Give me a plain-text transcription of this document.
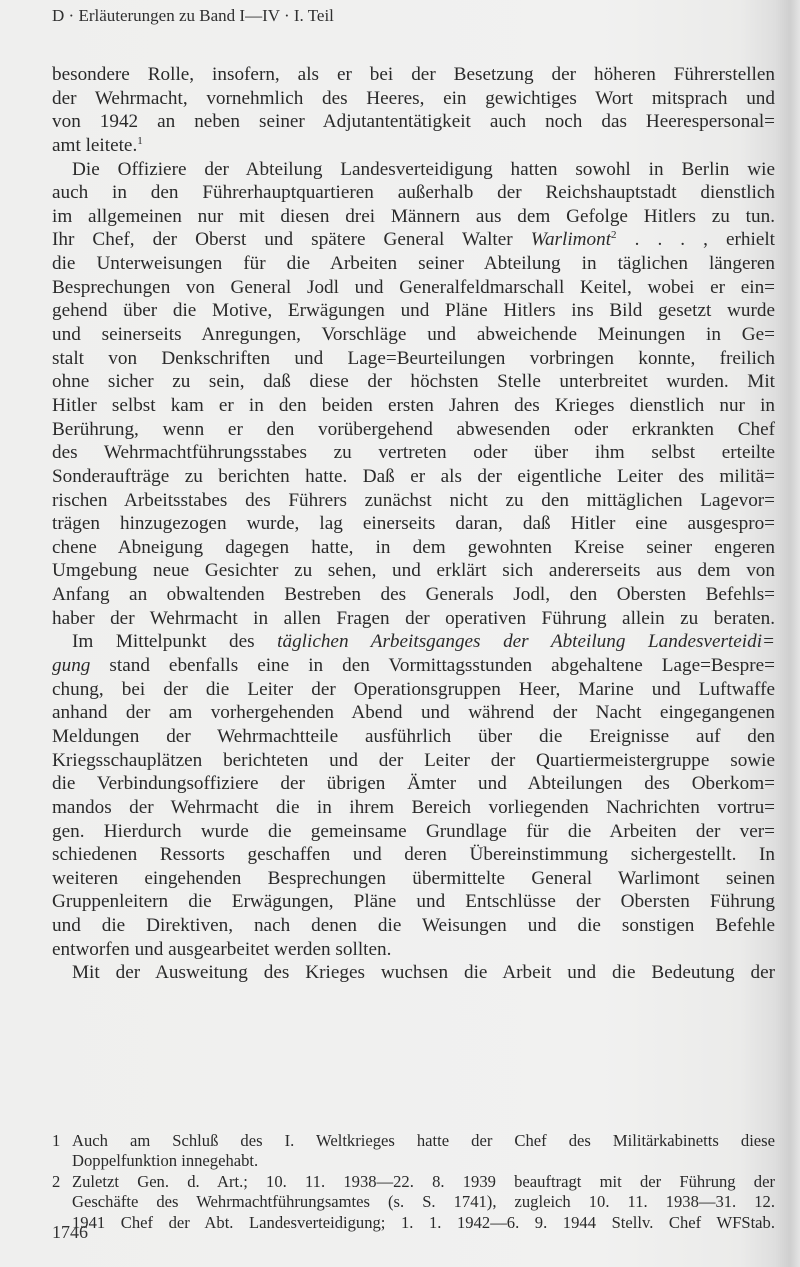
D · Erläuterungen zu Band I—IV · I. Teil
besondere Rolle, insofern, als er bei der Besetzung der höheren Führerstellen
der Wehrmacht, vornehmlich des Heeres, ein gewichtiges Wort mitsprach und
von 1942 an neben seiner Adjutantentätigkeit auch noch das Heerespersonal=
amt leitete.$^1$
Die Offiziere der Abteilung Landesverteidigung hatten sowohl in Berlin wie
auch in den Führerhauptquartieren außerhalb der Reichshauptstadt dienstlich
im allgemeinen nur mit diesen drei Männern aus dem Gefolge Hitlers zu tun.
Ihr Chef, der Oberst und spätere General Walter Warlimont$^2$ . . . , erhielt
die Unterweisungen für die Arbeiten seiner Abteilung in täglichen längeren
Besprechungen von General Jodl und Generalfeldmarschall Keitel, wobei er ein=
gehend über die Motive, Erwägungen und Pläne Hitlers ins Bild gesetzt wurde
und seinerseits Anregungen, Vorschläge und abweichende Meinungen in Ge=
stalt von Denkschriften und Lage=Beurteilungen vorbringen konnte, freilich
ohne sicher zu sein, daß diese der höchsten Stelle unterbreitet wurden. Mit
Hitler selbst kam er in den beiden ersten Jahren des Krieges dienstlich nur in
Berührung, wenn er den vorübergehend abwesenden oder erkrankten Chef
des Wehrmachtführungsstabes zu vertreten oder über ihm selbst erteilte
Sonderaufträge zu berichten hatte. Daß er als der eigentliche Leiter des militä=
rischen Arbeitsstabes des Führers zunächst nicht zu den mittäglichen Lagevor=
trägen hinzugezogen wurde, lag einerseits daran, daß Hitler eine ausgespro=
chene Abneigung dagegen hatte, in dem gewohnten Kreise seiner engeren
Umgebung neue Gesichter zu sehen, und erklärt sich andererseits aus dem von
Anfang an obwaltenden Bestreben des Generals Jodl, den Obersten Befehls=
haber der Wehrmacht in allen Fragen der operativen Führung allein zu beraten.
Im Mittelpunkt des täglichen Arbeitsganges der Abteilung Landesverteidi=
gung stand ebenfalls eine in den Vormittagsstunden abgehaltene Lage=Bespre=
chung, bei der die Leiter der Operationsgruppen Heer, Marine und Luftwaffe
anhand der am vorhergehenden Abend und während der Nacht eingegangenen
Meldungen der Wehrmachtteile ausführlich über die Ereignisse auf den
Kriegsschauplätzen berichteten und der Leiter der Quartiermeistergruppe sowie
die Verbindungsoffiziere der übrigen Ämter und Abteilungen des Oberkom=
mandos der Wehrmacht die in ihrem Bereich vorliegenden Nachrichten vortru=
gen. Hierdurch wurde die gemeinsame Grundlage für die Arbeiten der ver=
schiedenen Ressorts geschaffen und deren Übereinstimmung sichergestellt. In
weiteren eingehenden Besprechungen übermittelte General Warlimont seinen
Gruppenleitern die Erwägungen, Pläne und Entschlüsse der Obersten Führung
und die Direktiven, nach denen die Weisungen und die sonstigen Befehle
entworfen und ausgearbeitet werden sollten.
Mit der Ausweitung des Krieges wuchsen die Arbeit und die Bedeutung der
1 Auch am Schluß des I. Weltkrieges hatte der Chef des Militärkabinetts diese
Doppelfunktion innegehabt.
2 Zuletzt Gen. d. Art.; 10. 11. 1938—22. 8. 1939 beauftragt mit der Führung der
Geschäfte des Wehrmachtführungsamtes (s. S. 1741), zugleich 10. 11. 1938—31. 12.
1941 Chef der Abt. Landesverteidigung; 1. 1. 1942—6. 9. 1944 Stellv. Chef WFStab.
1746
